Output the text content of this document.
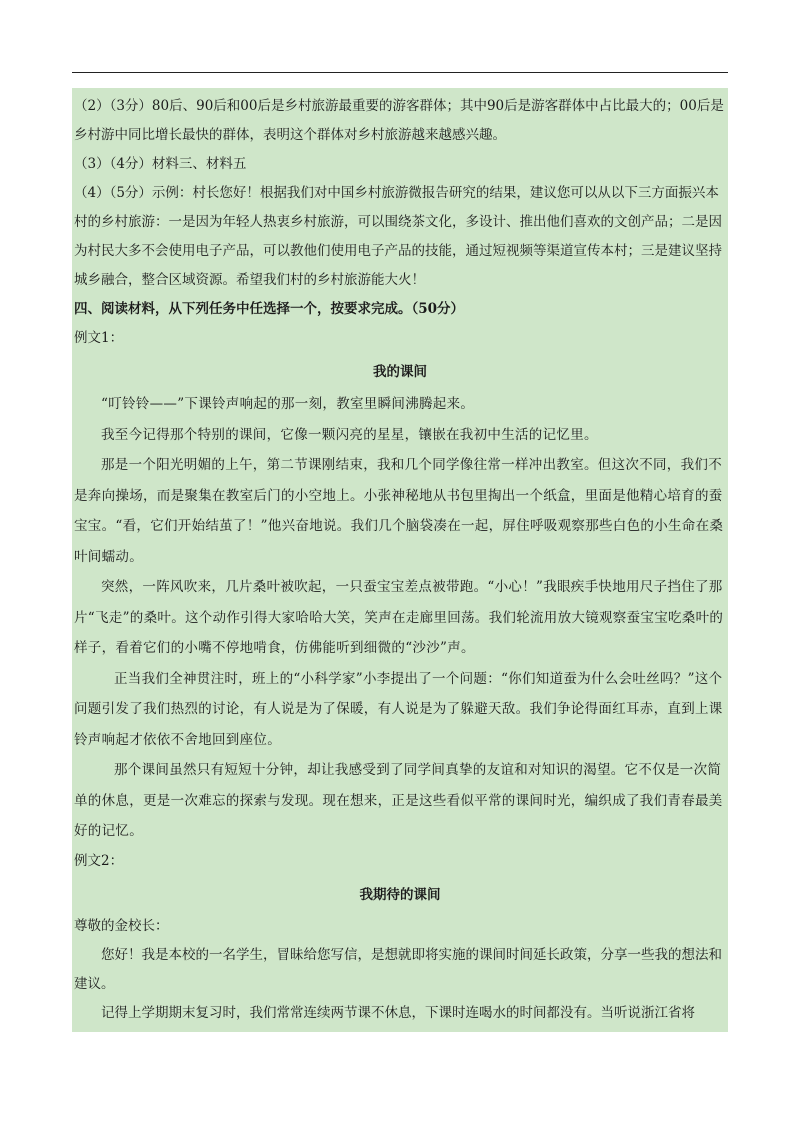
（2）（3分）80后、90后和00后是乡村旅游最重要的游客群体；其中90后是游客群体中占比最大的；00后是乡村游中同比增长最快的群体，表明这个群体对乡村旅游越来越感兴趣。

（3）（4分）材料三、材料五

（4）（5分）示例：村长您好！根据我们对中国乡村旅游微报告研究的结果，建议您可以从以下三方面振兴本村的乡村旅游：一是因为年轻人热衷乡村旅游，可以围绕茶文化，多设计、推出他们喜欢的文创产品；二是因为村民大多不会使用电子产品，可以教他们使用电子产品的技能，通过短视频等渠道宣传本村；三是建议坚持城乡融合，整合区域资源。希望我们村的乡村旅游能大火！

四、阅读材料，从下列任务中任选择一个，按要求完成。（50分）

例文1：

我的课间

“叮铃铃——”下课铃声响起的那一刻，教室里瞬间沸腾起来。

我至今记得那个特别的课间，它像一颗闪亮的星星，镶嵌在我初中生活的记忆里。

那是一个阳光明媚的上午，第二节课刚结束，我和几个同学像往常一样冲出教室。但这次不同，我们不是奔向操场，而是聚集在教室后门的小空地上。小张神秘地从书包里掏出一个纸盒，里面是他精心培育的蚕宝宝。“看，它们开始结茧了！”他兴奋地说。我们几个脑袋凑在一起，屏住呼吸观察那些白色的小生命在桑叶间蠕动。

突然，一阵风吹来，几片桑叶被吹起，一只蚕宝宝差点被带跑。“小心！”我眼疾手快地用尺子挡住了那片“飞走”的桑叶。这个动作引得大家哈哈大笑，笑声在走廊里回荡。我们轮流用放大镜观察蚕宝宝吃桑叶的样子，看着它们的小嘴不停地啃食，仿佛能听到细微的“沙沙”声。

正当我们全神贯注时，班上的“小科学家”小李提出了一个问题：“你们知道蚕为什么会吐丝吗？”这个问题引发了我们热烈的讨论，有人说是为了保暖，有人说是为了躲避天敌。我们争论得面红耳赤，直到上课铃声响起才依依不舍地回到座位。

那个课间虽然只有短短十分钟，却让我感受到了同学间真挚的友谊和对知识的渴望。它不仅是一次简单的休息，更是一次难忘的探索与发现。现在想来，正是这些看似平常的课间时光，编织成了我们青春最美好的记忆。

例文2：

我期待的课间

尊敬的金校长：

您好！我是本校的一名学生，冒昧给您写信，是想就即将实施的课间时间延长政策，分享一些我的想法和建议。

记得上学期期末复习时，我们常常连续两节课不休息，下课时连喝水的时间都没有。当听说浙江省将
